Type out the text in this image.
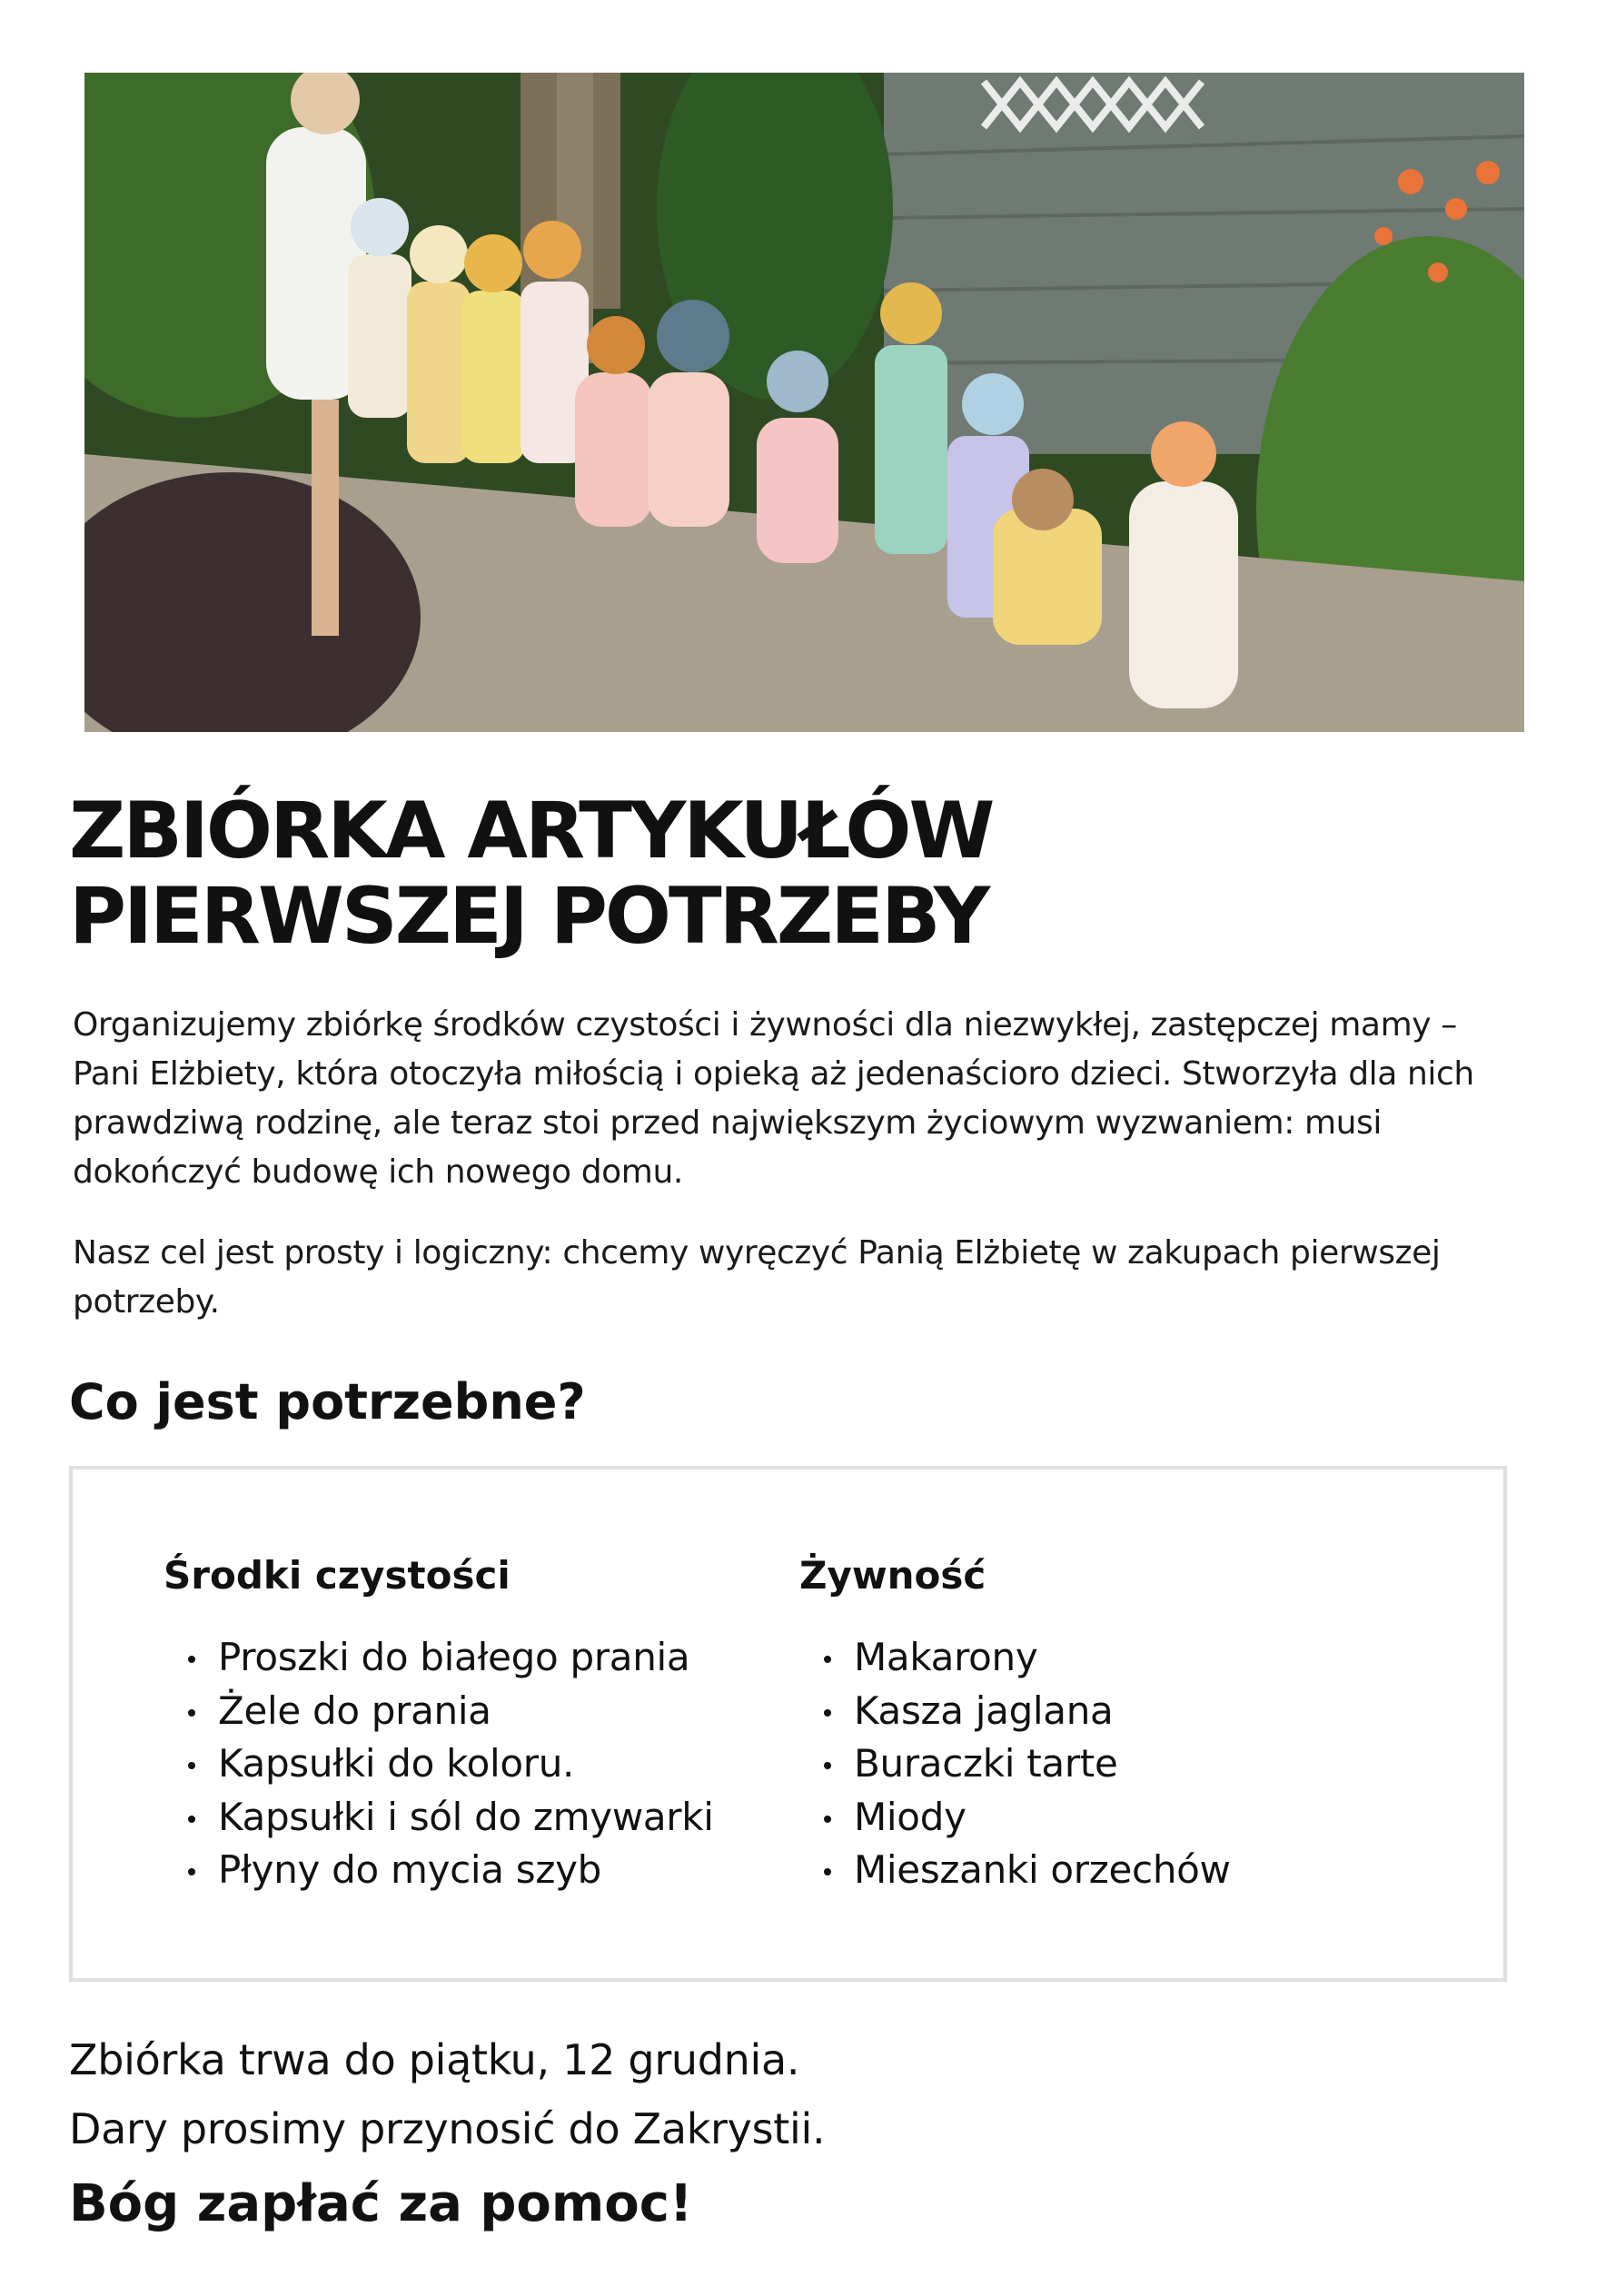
ZBIÓRKA ARTYKUŁÓW
PIERWSZEJ POTRZEBY

Organizujemy zbiórkę środków czystości i żywności dla niezwykłej, zastępczej mamy – Pani Elżbiety, która otoczyła miłością i opieką aż jedenaścioro dzieci. Stworzyła dla nich prawdziwą rodzinę, ale teraz stoi przed największym życiowym wyzwaniem: musi dokończyć budowę ich nowego domu.

Nasz cel jest prosty i logiczny: chcemy wyręczyć Panią Elżbietę w zakupach pierwszej potrzeby.

Co jest potrzebne?
Środki czystości
Proszki do białego prania
Żele do prania
Kapsułki do koloru.
Kapsułki i sól do zmywarki
Płyny do mycia szyb
Żywność
Makarony
Kasza jaglana
Buraczki tarte
Miody
Mieszanki orzechów

Zbiórka trwa do piątku, 12 grudnia.

Dary prosimy przynosić do Zakrystii.

Bóg zapłać za pomoc!
